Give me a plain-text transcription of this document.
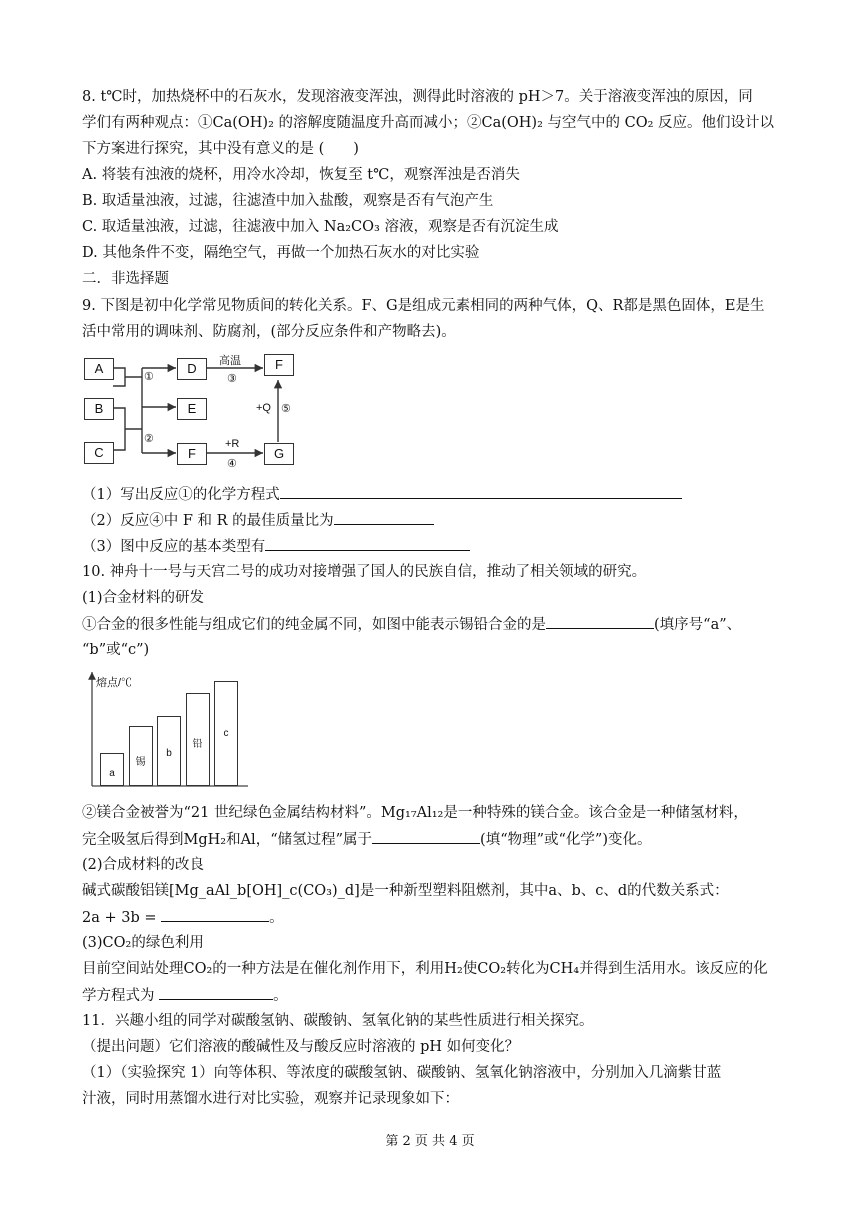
8. t℃时，加热烧杯中的石灰水，发现溶液变浑浊，测得此时溶液的 pH＞7。关于溶液变浑浊的原因，同
学们有两种观点：①Ca(OH)₂ 的溶解度随温度升高而减小；②Ca(OH)₂ 与空气中的 CO₂ 反应。他们设计以
下方案进行探究，其中没有意义的是 (　　)
A. 将装有浊液的烧杯，用冷水冷却，恢复至 t℃，观察浑浊是否消失
B. 取适量浊液，过滤，往滤渣中加入盐酸，观察是否有气泡产生
C. 取适量浊液，过滤，往滤液中加入 Na₂CO₃ 溶液，观察是否有沉淀生成
D. 其他条件不变，隔绝空气，再做一个加热石灰水的对比实验
二．非选择题
9. 下图是初中化学常见物质间的转化关系。F、G是组成元素相同的两种气体，Q、R都是黑色固体，E是生
活中常用的调味剂、防腐剂，(部分反应条件和产物略去)。
A
B
C
D
E
F
F
G
①
②
高温
③
+R
④
+Q ⑤
（1）写出反应①的化学方程式
（2）反应④中 F 和 R 的最佳质量比为
（3）图中反应的基本类型有
10. 神舟十一号与天宫二号的成功对接增强了国人的民族自信，推动了相关领域的研究。
(1)合金材料的研发
①合金的很多性能与组成它们的纯金属不同，如图中能表示锡铅合金的是	(填序号“a”、
“b”或“c”)
熔点/℃
a
锡
b
铅
c
②镁合金被誉为“21 世纪绿色金属结构材料”。Mg₁₇Al₁₂是一种特殊的镁合金。该合金是一种储氢材料，
完全吸氢后得到MgH₂和Al，“储氢过程”属于	(填“物理”或“化学”)变化。
(2)合成材料的改良
碱式碳酸铝镁[Mg_aAl_b[OH]_c(CO₃)_d]是一种新型塑料阻燃剂，其中a、b、c、d的代数关系式：
2a + 3b =	。
(3)CO₂的绿色利用
目前空间站处理CO₂的一种方法是在催化剂作用下，利用H₂使CO₂转化为CH₄并得到生活用水。该反应的化
学方程式为	。
11．兴趣小组的同学对碳酸氢钠、碳酸钠、氢氧化钠的某些性质进行相关探究。
（提出问题）它们溶液的酸碱性及与酸反应时溶液的 pH 如何变化？
（1）（实验探究 1）向等体积、等浓度的碳酸氢钠、碳酸钠、氢氧化钠溶液中，分别加入几滴紫甘蓝
汁液，同时用蒸馏水进行对比实验，观察并记录现象如下：
第 2 页 共 4 页
